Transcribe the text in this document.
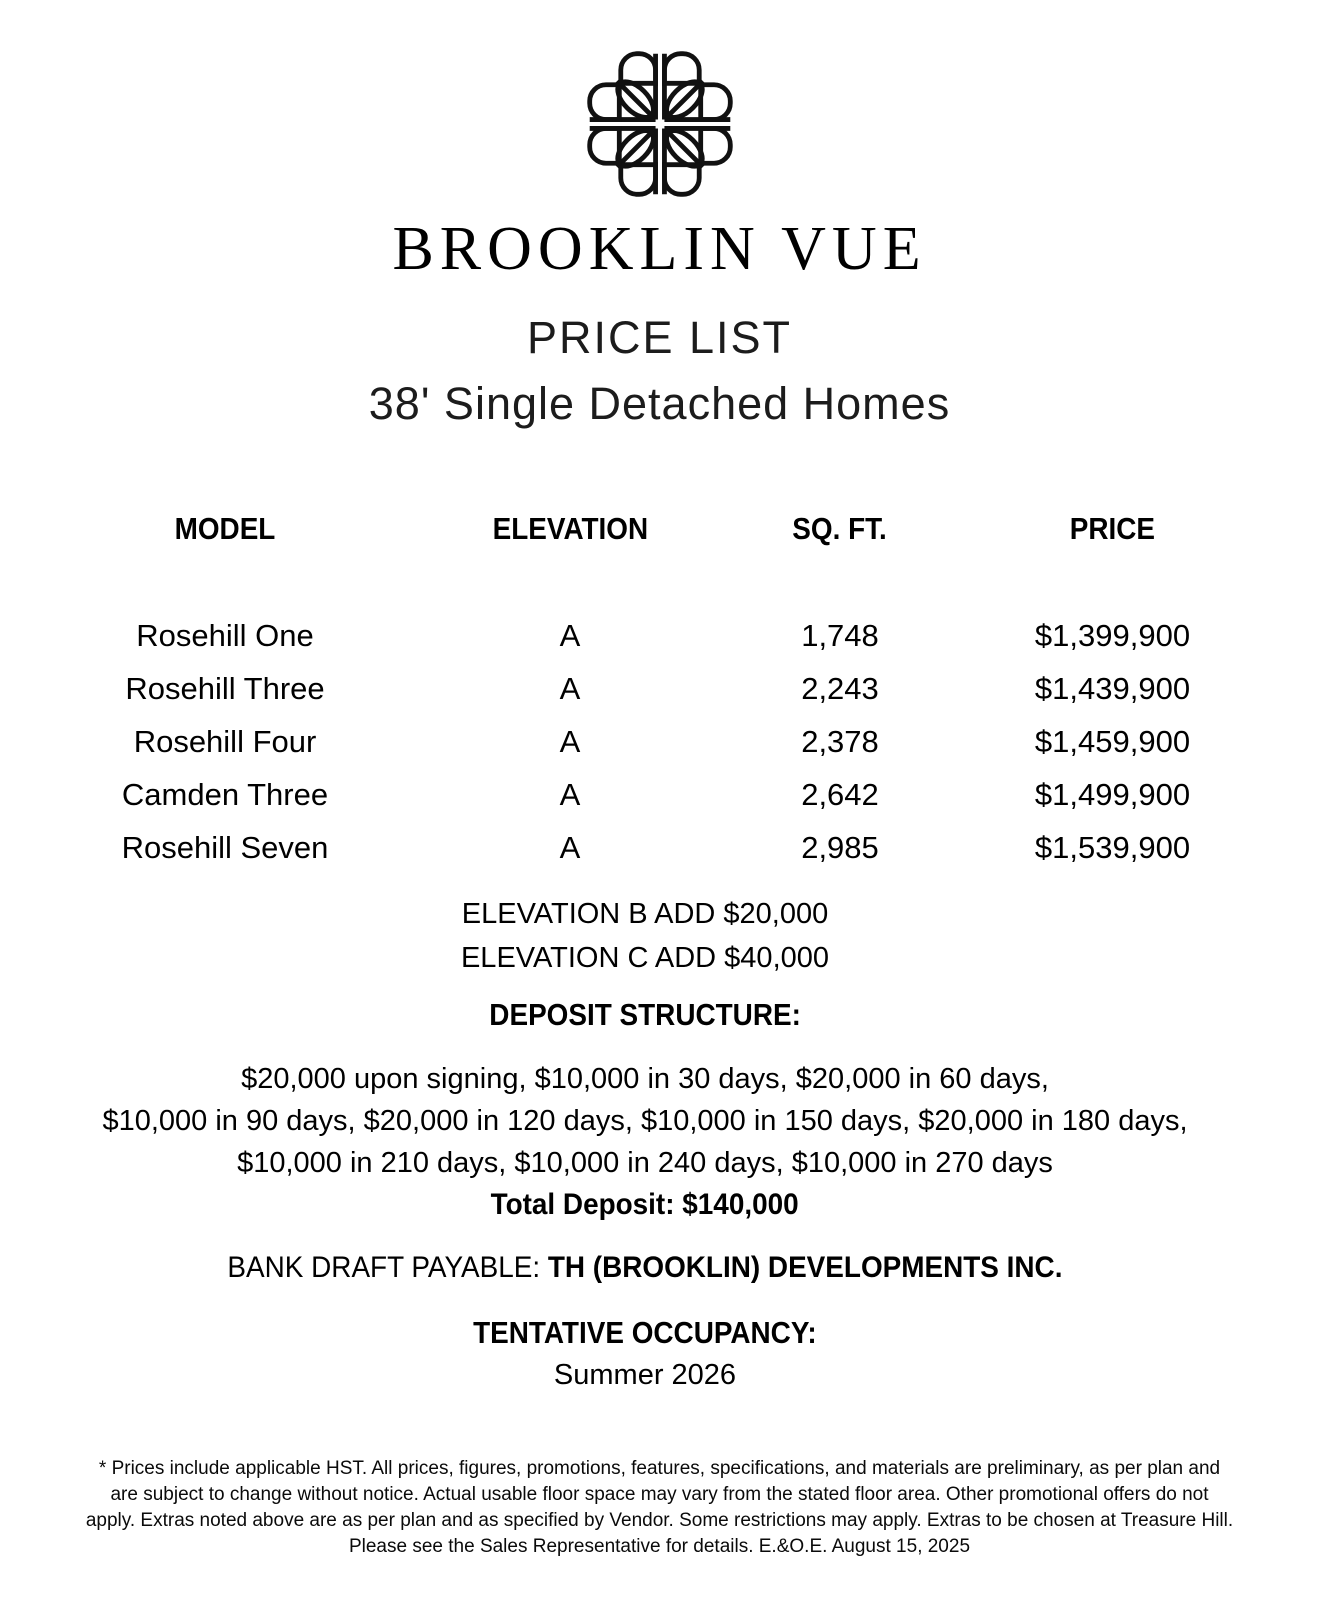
BROOKLIN VUE
PRICE LIST
38' Single Detached Homes
MODEL	ELEVATION	SQ. FT.	PRICE
Rosehill One	A	1,748	$1,399,900
Rosehill Three	A	2,243	$1,439,900
Rosehill Four	A	2,378	$1,459,900
Camden Three	A	2,642	$1,499,900
Rosehill Seven	A	2,985	$1,539,900
ELEVATION B ADD $20,000
ELEVATION C ADD $40,000
DEPOSIT STRUCTURE:
$20,000 upon signing, $10,000 in 30 days, $20,000 in 60 days,
$10,000 in 90 days, $20,000 in 120 days, $10,000 in 150 days, $20,000 in 180 days,
$10,000 in 210 days, $10,000 in 240 days, $10,000 in 270 days
Total Deposit: $140,000
BANK DRAFT PAYABLE: TH (BROOKLIN) DEVELOPMENTS INC.
TENTATIVE OCCUPANCY:
Summer 2026
* Prices include applicable HST. All prices, figures, promotions, features, specifications, and materials are preliminary, as per plan and
are subject to change without notice. Actual usable floor space may vary from the stated floor area. Other promotional offers do not
apply. Extras noted above are as per plan and as specified by Vendor. Some restrictions may apply. Extras to be chosen at Treasure Hill.
Please see the Sales Representative for details. E.&O.E. August 15, 2025
